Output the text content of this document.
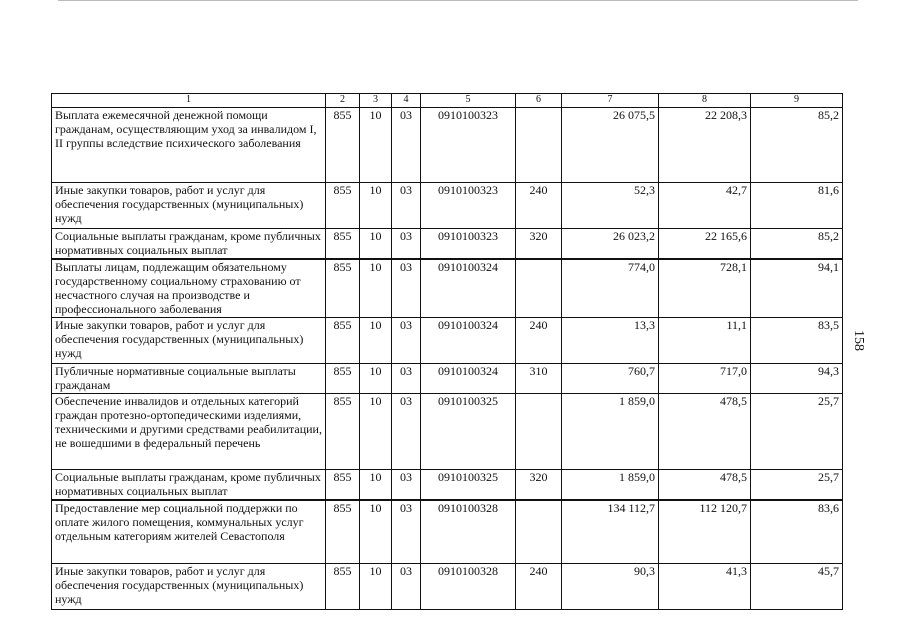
1	2	3	4	5	6	7	8	9
Выплата ежемесячной денежной помощи гражданам, осуществляющим уход за инвалидом I, II группы вследствие психического заболевания	855	10	03	0910100323		26 075,5	22 208,3	85,2
Иные закупки товаров, работ и услуг для обеспечения государственных (муниципальных) нужд	855	10	03	0910100323	240	52,3	42,7	81,6
Социальные выплаты гражданам, кроме публичных нормативных социальных выплат	855	10	03	0910100323	320	26 023,2	22 165,6	85,2
Выплаты лицам, подлежащим обязательному государственному социальному страхованию от несчастного случая на производстве и профессионального заболевания	855	10	03	0910100324		774,0	728,1	94,1
Иные закупки товаров, работ и услуг для обеспечения государственных (муниципальных) нужд	855	10	03	0910100324	240	13,3	11,1	83,5
Публичные нормативные социальные выплаты гражданам	855	10	03	0910100324	310	760,7	717,0	94,3
Обеспечение инвалидов и отдельных категорий граждан протезно-ортопедическими изделиями, техническими и другими средствами реабилитации, не вошедшими в федеральный перечень	855	10	03	0910100325		1 859,0	478,5	25,7
Социальные выплаты гражданам, кроме публичных нормативных социальных выплат	855	10	03	0910100325	320	1 859,0	478,5	25,7
Предоставление мер социальной поддержки по оплате жилого помещения, коммунальных услуг отдельным категориям жителей Севастополя	855	10	03	0910100328		134 112,7	112 120,7	83,6
Иные закупки товаров, работ и услуг для обеспечения государственных (муниципальных) нужд	855	10	03	0910100328	240	90,3	41,3	45,7
158
